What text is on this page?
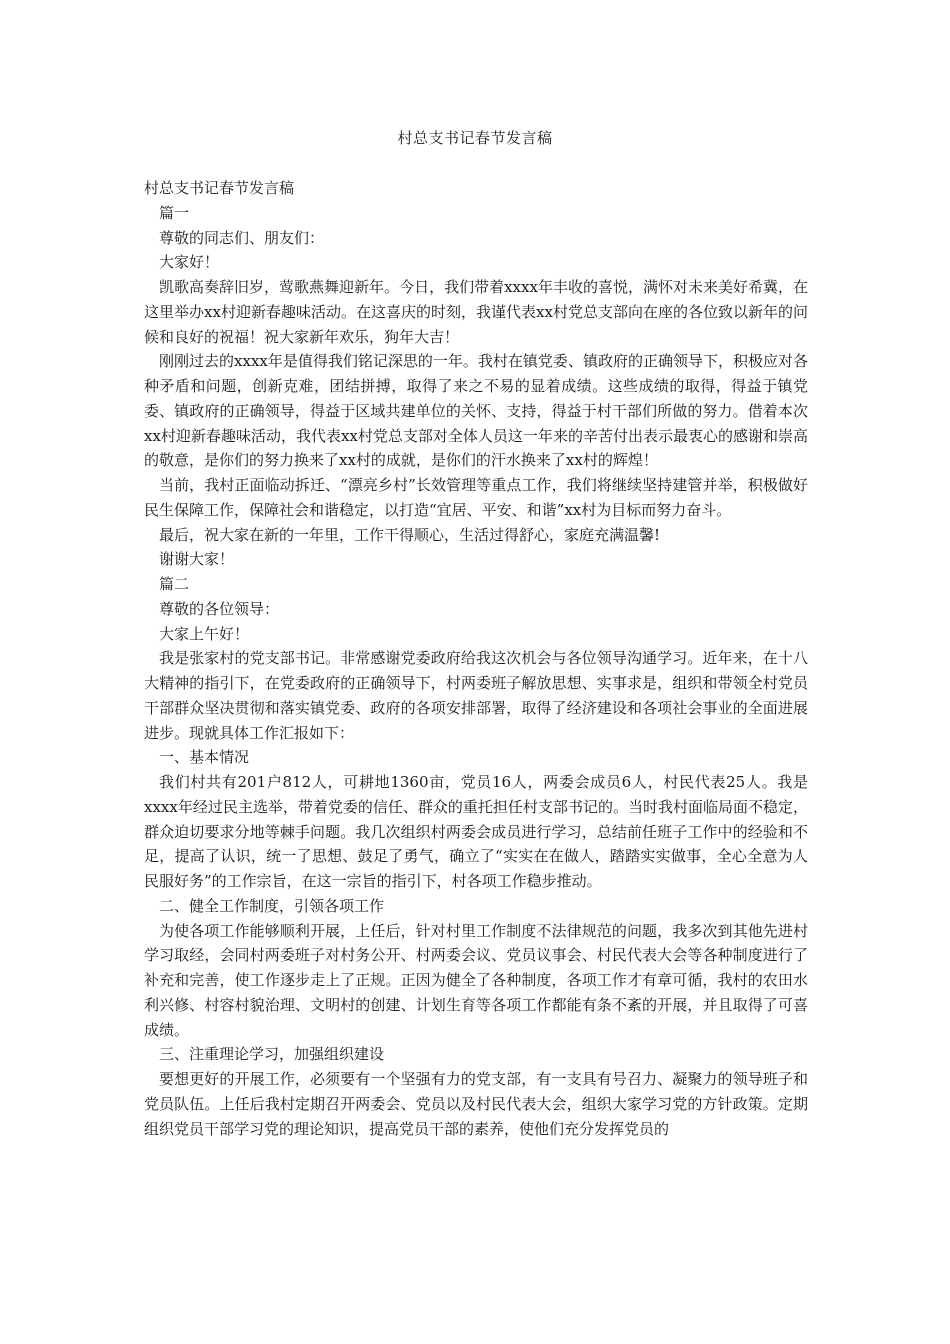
村总支书记春节发言稿

村总支书记春节发言稿

篇一

尊敬的同志们、朋友们：

大家好！

凯歌高奏辞旧岁，莺歌燕舞迎新年。今日，我们带着xxxx年丰收的喜悦，满怀对未来美好希冀，在这里举办xx村迎新春趣味活动。在这喜庆的时刻，我谨代表xx村党总支部向在座的各位致以新年的问候和良好的祝福！祝大家新年欢乐，狗年大吉！

刚刚过去的xxxx年是值得我们铭记深思的一年。我村在镇党委、镇政府的正确领导下，积极应对各种矛盾和问题，创新克难，团结拼搏，取得了来之不易的显着成绩。这些成绩的取得，得益于镇党委、镇政府的正确领导，得益于区域共建单位的关怀、支持，得益于村干部们所做的努力。借着本次xx村迎新春趣味活动，我代表xx村党总支部对全体人员这一年来的辛苦付出表示最衷心的感谢和崇高的敬意，是你们的努力换来了xx村的成就，是你们的汗水换来了xx村的辉煌！

当前，我村正面临动拆迁、“漂亮乡村”长效管理等重点工作，我们将继续坚持建管并举，积极做好民生保障工作，保障社会和谐稳定，以打造“宜居、平安、和谐”xx村为目标而努力奋斗。

最后，祝大家在新的一年里，工作干得顺心，生活过得舒心，家庭充满温馨!

谢谢大家！

篇二

尊敬的各位领导：

大家上午好！

我是张家村的党支部书记。非常感谢党委政府给我这次机会与各位领导沟通学习。近年来，在十八大精神的指引下，在党委政府的正确领导下，村两委班子解放思想、实事求是，组织和带领全村党员干部群众坚决贯彻和落实镇党委、政府的各项安排部署，取得了经济建设和各项社会事业的全面进展进步。现就具体工作汇报如下：

一、基本情况

我们村共有201户812人，可耕地1360亩，党员16人，两委会成员6人，村民代表25人。我是xxxx年经过民主选举，带着党委的信任、群众的重托担任村支部书记的。当时我村面临局面不稳定，群众迫切要求分地等棘手问题。我几次组织村两委会成员进行学习，总结前任班子工作中的经验和不足，提高了认识，统一了思想、鼓足了勇气，确立了“实实在在做人，踏踏实实做事，全心全意为人民服好务”的工作宗旨，在这一宗旨的指引下，村各项工作稳步推动。

二、健全工作制度，引领各项工作

为使各项工作能够顺利开展，上任后，针对村里工作制度不法律规范的问题，我多次到其他先进村学习取经，会同村两委班子对村务公开、村两委会议、党员议事会、村民代表大会等各种制度进行了补充和完善，使工作逐步走上了正规。正因为健全了各种制度，各项工作才有章可循，我村的农田水利兴修、村容村貌治理、文明村的创建、计划生育等各项工作都能有条不紊的开展，并且取得了可喜成绩。

三、注重理论学习，加强组织建设

要想更好的开展工作，必须要有一个坚强有力的党支部，有一支具有号召力、凝聚力的领导班子和党员队伍。上任后我村定期召开两委会、党员以及村民代表大会，组织大家学习党的方针政策。定期组织党员干部学习党的理论知识，提高党员干部的素养，使他们充分发挥党员的
